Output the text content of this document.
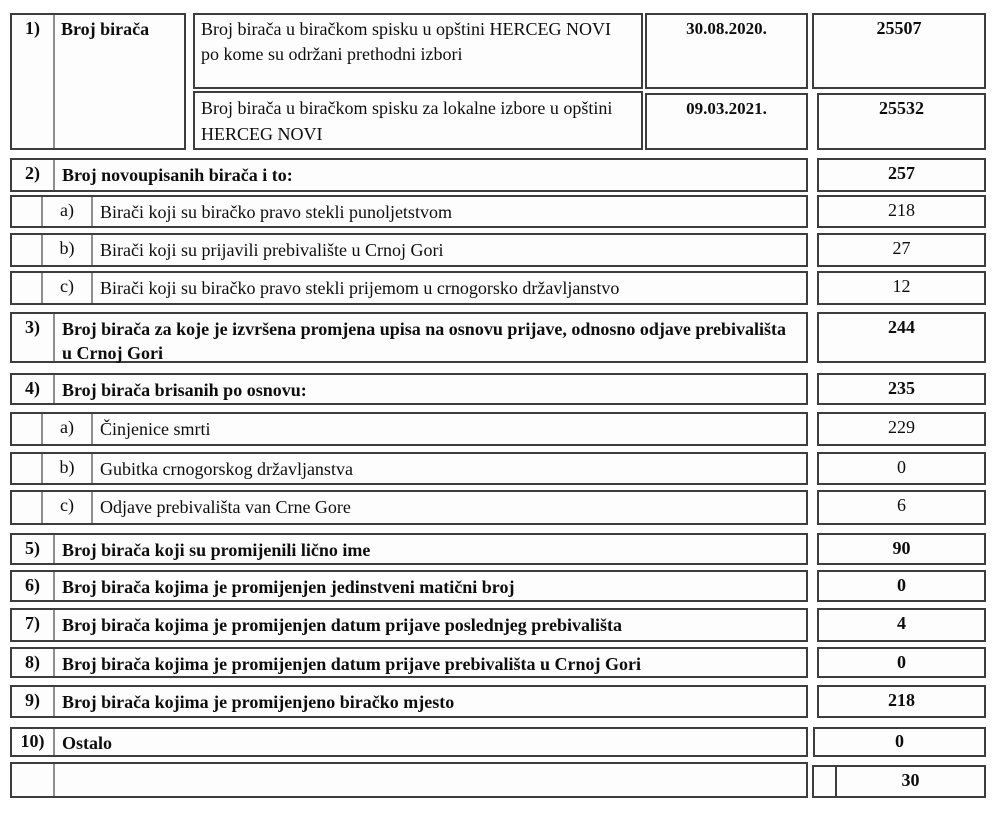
1)	Broj birača	Broj birača u biračkom spisku u opštini HERCEG NOVI
po kome su održani prethodni izbori
30.08.2020.	25507
Broj birača u biračkom spisku za lokalne izbore u opštini HERCEG NOVI
09.03.2021.	25532
2)	Broj novoupisanih birača i to:	257
a)	Birači koji su biračko pravo stekli punoljetstvom	218
b)	Birači koji su prijavili prebivalište u Crnoj Gori	27
c)	Birači koji su biračko pravo stekli prijemom u crnogorsko državljanstvo	12
3)	Broj birača za koje je izvršena promjena upisa na osnovu prijave, odnosno odjave prebivališta u Crnoj Gori
244
4)	Broj birača brisanih po osnovu:	235
a)	Činjenice smrti	229
b)	Gubitka crnogorskog državljanstva	0
c)	Odjave prebivališta van Crne Gore	6
5)	Broj birača koji su promijenili lično ime	90
6)	Broj birača kojima je promijenjen jedinstveni matični broj	0
7)	Broj birača kojima je promijenjen datum prijave poslednjeg prebivališta	4
8)	Broj birača kojima je promijenjen datum prijave prebivališta u Crnoj Gori	0
9)	Broj birača kojima je promijenjeno biračko mjesto	218
10) Ostalo	0
30
